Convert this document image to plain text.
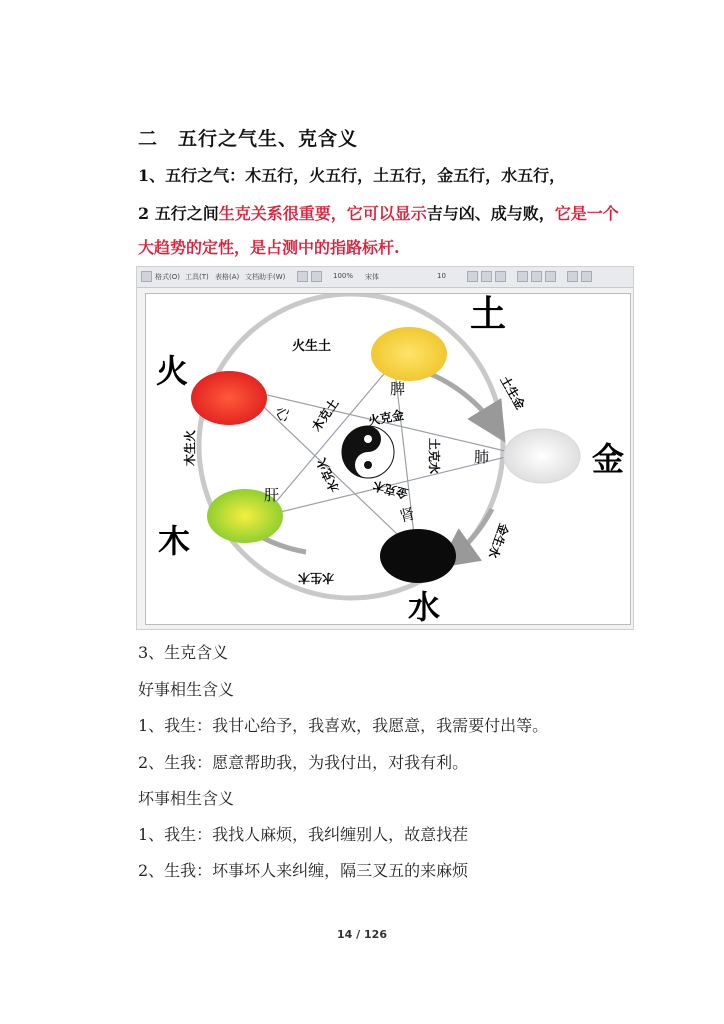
二 五行之气生、克含义
1、五行之气：木五行，火五行，土五行，金五行，水五行，
2 五行之间生克关系很重要，它可以显示吉与凶、成与败，它是一个
大趋势的定性，是占测中的指路标杆.
格式(O) 工具(T) 表格(A) 文档助手(W)	100% 宋体	10
土
金
水
木
火	脾
肺
肾
肝
心
火生土
土生金
金生水
水生木
木生火
火克金
土克水
金克木
水克火
木克土
3、生克含义
好事相生含义
1、我生：我甘心给予，我喜欢，我愿意，我需要付出等。
2、生我：愿意帮助我，为我付出，对我有利。
坏事相生含义
1、我生：我找人麻烦，我纠缠别人，故意找茬
2、生我：坏事坏人来纠缠，隔三叉五的来麻烦
14 / 126
